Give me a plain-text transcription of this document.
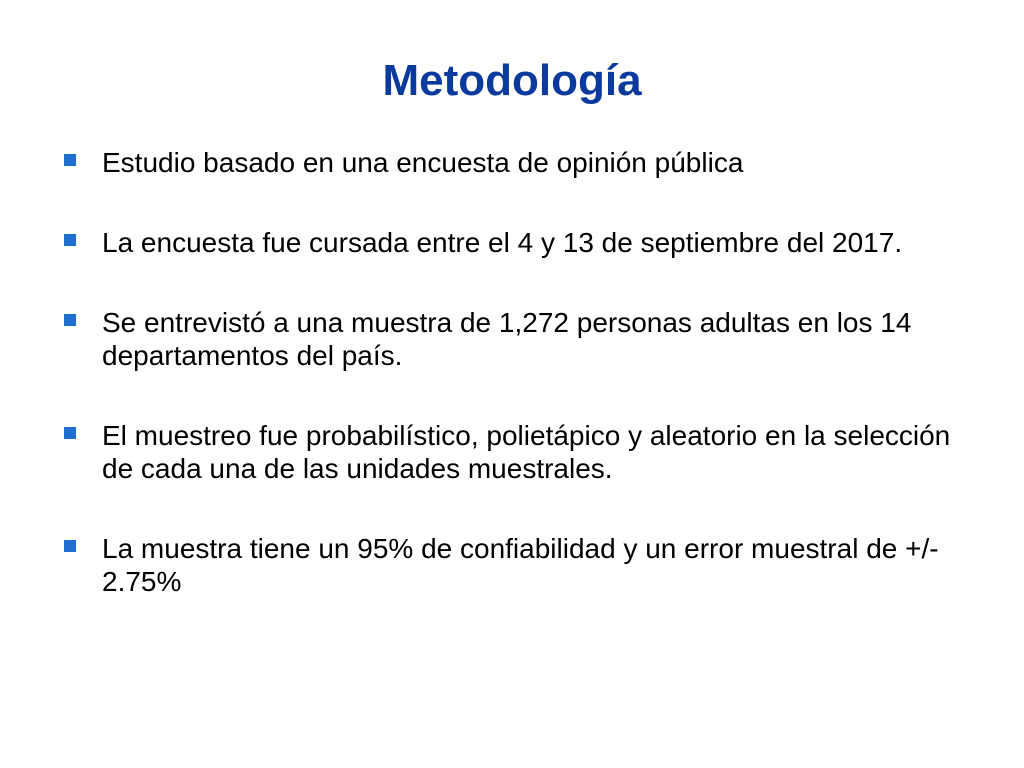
Metodología
Estudio basado en una encuesta de opinión pública
La encuesta fue cursada entre el 4 y 13 de septiembre del 2017.
Se entrevistó a una muestra de 1,272 personas adultas en los 14 departamentos del país.
El muestreo fue probabilístico, polietápico y aleatorio en la selección de cada una de las unidades muestrales.
La muestra tiene un 95% de confiabilidad y un error muestral de +/- 2.75%
